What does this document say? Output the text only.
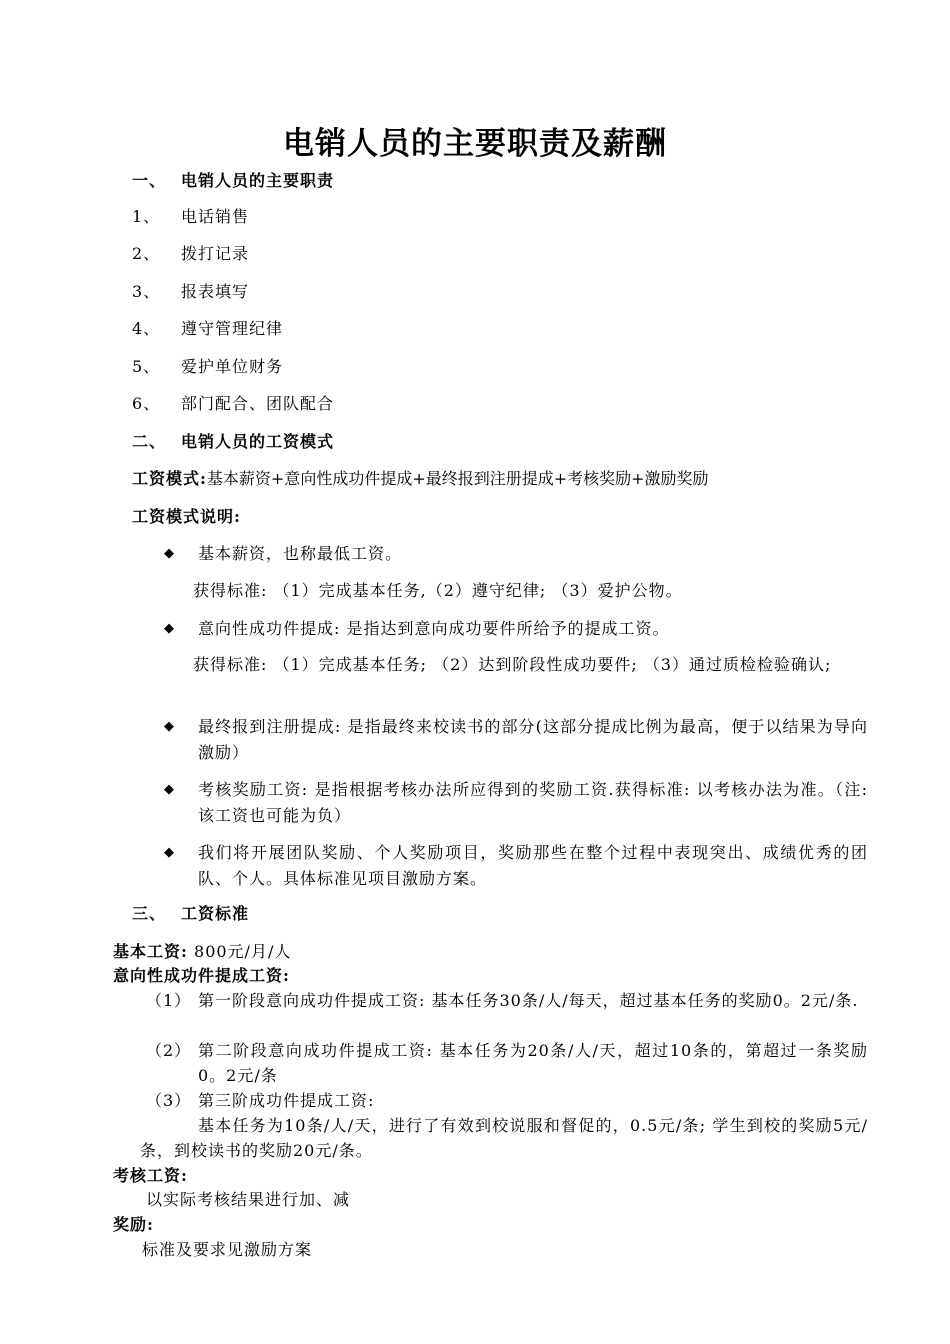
电销人员的主要职责及薪酬
一、 电销人员的主要职责
1、 电话销售
2、 拨打记录
3、 报表填写
4、 遵守管理纪律
5、 爱护单位财务
6、 部门配合、团队配合
二、 电销人员的工资模式
工资模式:基本薪资+意向性成功件提成+最终报到注册提成+考核奖励+激励奖励
工资模式说明:
◆ 基本薪资，也称最低工资。
获得标准: （1）完成基本任务,（2）遵守纪律; （3）爱护公物。
◆ 意向性成功件提成: 是指达到意向成功要件所给予的提成工资。
获得标准: （1）完成基本任务; （2）达到阶段性成功要件; （3）通过质检检验确认;
◆ 最终报到注册提成: 是指最终来校读书的部分(这部分提成比例为最高，便于以结果为导向激励）
◆ 考核奖励工资: 是指根据考核办法所应得到的奖励工资.获得标准: 以考核办法为准。（注:该工资也可能为负）
◆ 我们将开展团队奖励、个人奖励项目，奖励那些在整个过程中表现突出、成绩优秀的团队、个人。具体标准见项目激励方案。
三、 工资标准
基本工资: 800元/月/人
意向性成功件提成工资:
（1） 第一阶段意向成功件提成工资: 基本任务30条/人/每天，超过基本任务的奖励0。2元/条.
（2） 第二阶段意向成功件提成工资: 基本任务为20条/人/天，超过10条的，第超过一条奖励0。2元/条
（3） 第三阶成功件提成工资:
基本任务为10条/人/天，进行了有效到校说服和督促的，0.5元/条; 学生到校的奖励5元/条，到校读书的奖励20元/条。
考核工资:
以实际考核结果进行加、减
奖励:
标准及要求见激励方案
